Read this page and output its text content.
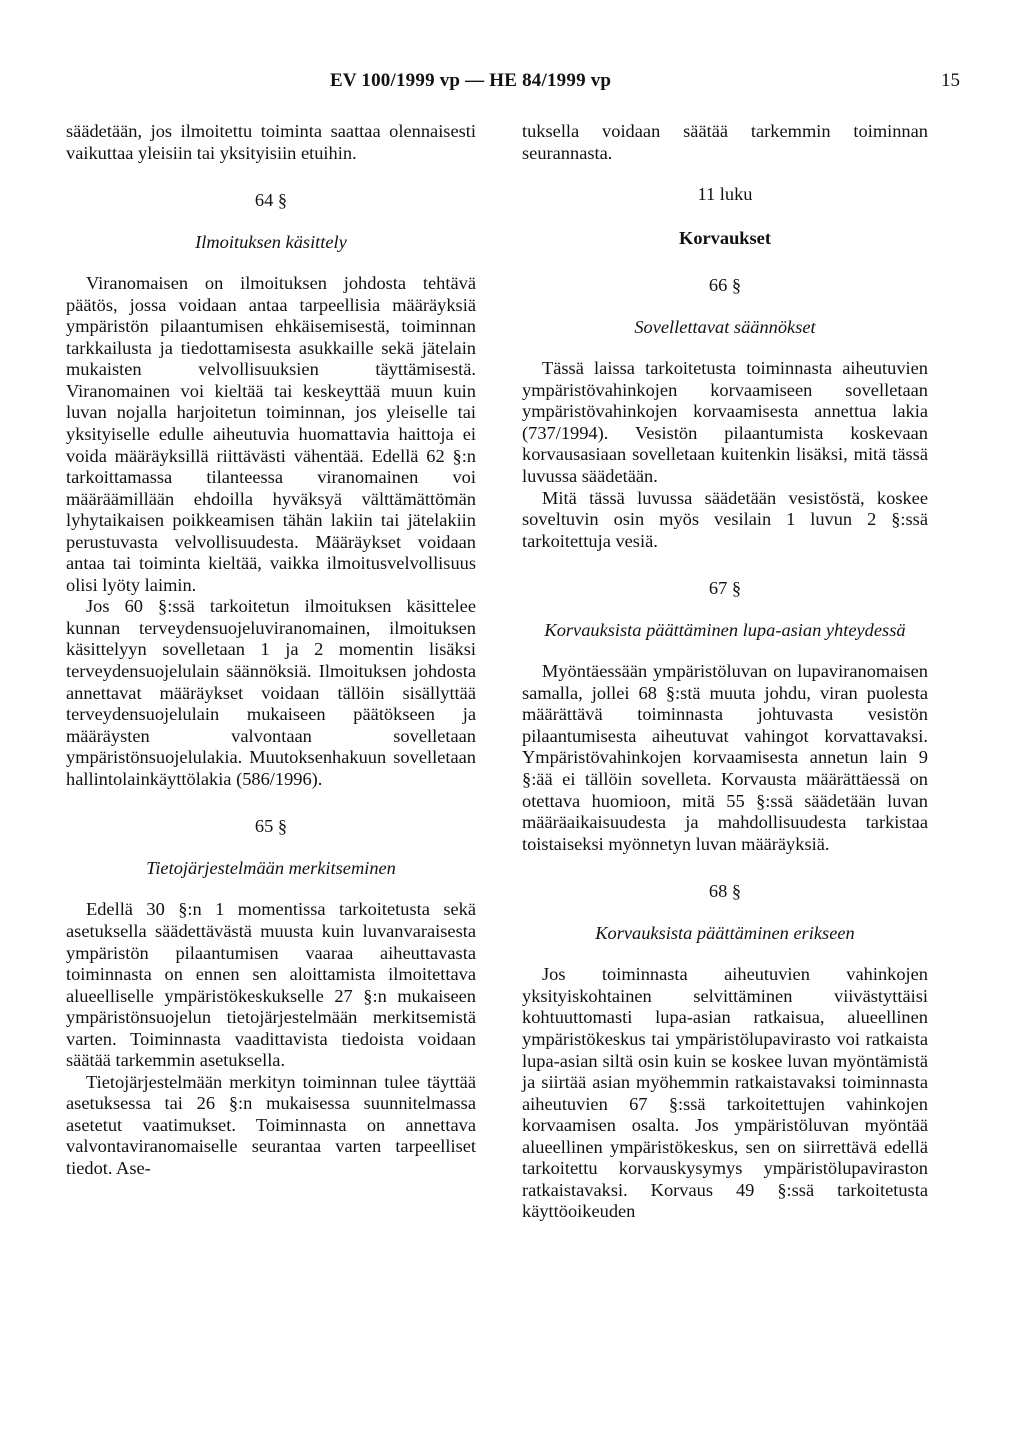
EV 100/1999 vp — HE 84/1999 vp	15

säädetään, jos ilmoitettu toiminta saattaa olennaisesti vaikuttaa yleisiin tai yksityisiin etuihin.

64 §

Ilmoituksen käsittely

Viranomaisen on ilmoituksen johdosta tehtävä päätös, jossa voidaan antaa tarpeellisia määräyksiä ympäristön pilaantumisen ehkäisemisestä, toiminnan tarkkailusta ja tiedottamisesta asukkaille sekä jätelain mukaisten velvollisuuksien täyttämisestä. Viranomainen voi kieltää tai keskeyttää muun kuin luvan nojalla harjoitetun toiminnan, jos yleiselle tai yksityiselle edulle aiheutuvia huomattavia haittoja ei voida määräyksillä riittävästi vähentää. Edellä 62 §:n tarkoittamassa tilanteessa viranomainen voi määräämillään ehdoilla hyväksyä välttämättömän lyhytaikaisen poikkeamisen tähän lakiin tai jätelakiin perustuvasta velvollisuudesta. Määräykset voidaan antaa tai toiminta kieltää, vaikka ilmoitusvelvollisuus olisi lyöty laimin.

Jos 60 §:ssä tarkoitetun ilmoituksen käsittelee kunnan terveydensuojeluviranomainen, ilmoituksen käsittelyyn sovelletaan 1 ja 2 momentin lisäksi terveydensuojelulain säännöksiä. Ilmoituksen johdosta annettavat määräykset voidaan tällöin sisällyttää terveydensuojelulain mukaiseen päätökseen ja määräysten valvontaan sovelletaan ympäristönsuojelulakia. Muutoksenhakuun sovelletaan hallintolainkäyttölakia (586/1996).

65 §

Tietojärjestelmään merkitseminen

Edellä 30 §:n 1 momentissa tarkoitetusta sekä asetuksella säädettävästä muusta kuin luvanvaraisesta ympäristön pilaantumisen vaaraa aiheuttavasta toiminnasta on ennen sen aloittamista ilmoitettava alueelliselle ympäristökeskukselle 27 §:n mukaiseen ympäristönsuojelun tietojärjestelmään merkitsemistä varten. Toiminnasta vaadittavista tiedoista voidaan säätää tarkemmin asetuksella.

Tietojärjestelmään merkityn toiminnan tulee täyttää asetuksessa tai 26 §:n mukaisessa suunnitelmassa asetetut vaatimukset. Toiminnasta on annettava valvontaviranomaiselle seurantaa varten tarpeelliset tiedot. Ase-

tuksella voidaan säätää tarkemmin toiminnan seurannasta.

11 luku

Korvaukset

66 §

Sovellettavat säännökset

Tässä laissa tarkoitetusta toiminnasta aiheutuvien ympäristövahinkojen korvaamiseen sovelletaan ympäristövahinkojen korvaamisesta annettua lakia (737/1994). Vesistön pilaantumista koskevaan korvausasiaan sovelletaan kuitenkin lisäksi, mitä tässä luvussa säädetään.

Mitä tässä luvussa säädetään vesistöstä, koskee soveltuvin osin myös vesilain 1 luvun 2 §:ssä tarkoitettuja vesiä.

67 §

Korvauksista päättäminen lupa-asian yhteydessä

Myöntäessään ympäristöluvan on lupaviranomaisen samalla, jollei 68 §:stä muuta johdu, viran puolesta määrättävä toiminnasta johtuvasta vesistön pilaantumisesta aiheutuvat vahingot korvattavaksi. Ympäristövahinkojen korvaamisesta annetun lain 9 §:ää ei tällöin sovelleta. Korvausta määrättäessä on otettava huomioon, mitä 55 §:ssä säädetään luvan määräaikaisuudesta ja mahdollisuudesta tarkistaa toistaiseksi myönnetyn luvan määräyksiä.

68 §

Korvauksista päättäminen erikseen

Jos toiminnasta aiheutuvien vahinkojen yksityiskohtainen selvittäminen viivästyttäisi kohtuuttomasti lupa-asian ratkaisua, alueellinen ympäristökeskus tai ympäristölupavirasto voi ratkaista lupa-asian siltä osin kuin se koskee luvan myöntämistä ja siirtää asian myöhemmin ratkaistavaksi toiminnasta aiheutuvien 67 §:ssä tarkoitettujen vahinkojen korvaamisen osalta. Jos ympäristöluvan myöntää alueellinen ympäristökeskus, sen on siirrettävä edellä tarkoitettu korvauskysymys ympäristölupaviraston ratkaistavaksi. Korvaus 49 §:ssä tarkoitetusta käyttöoikeuden
